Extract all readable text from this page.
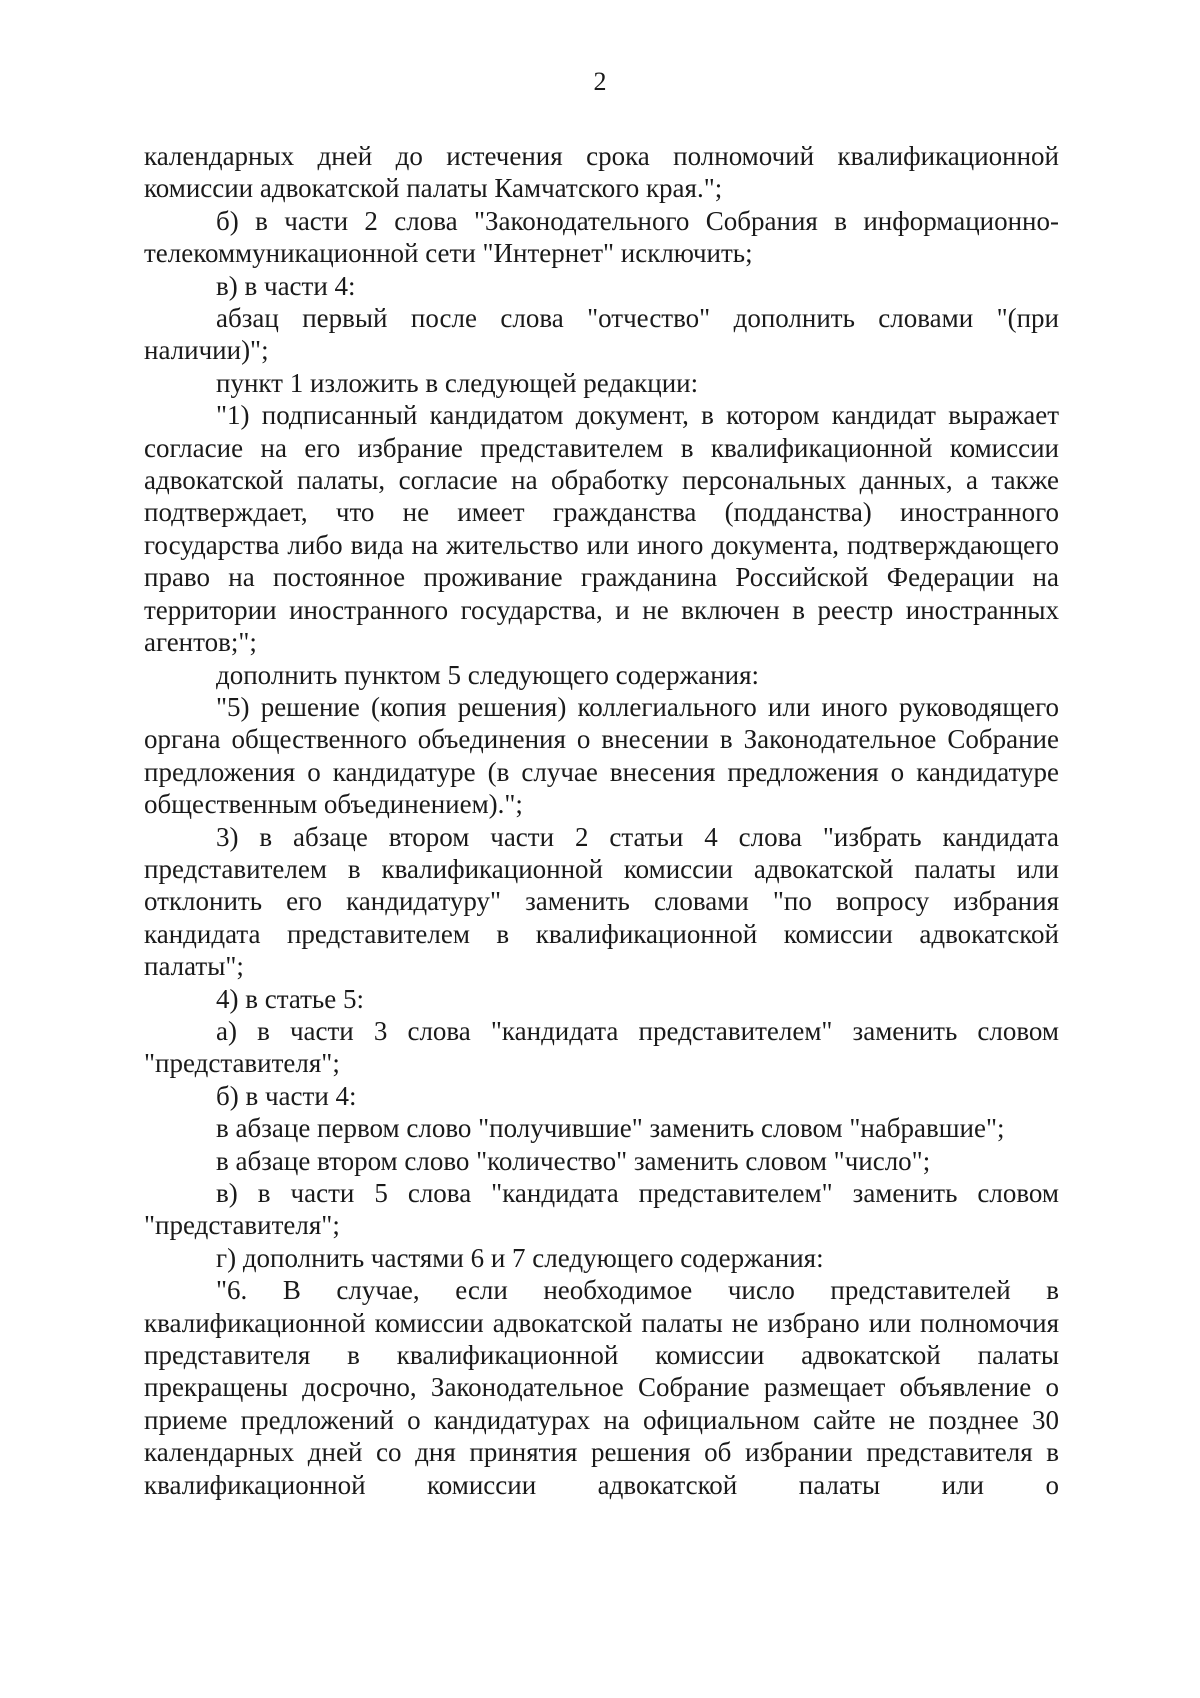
2

календарных дней до истечения срока полномочий квалификационной комиссии адвокатской палаты Камчатского края.";

б) в части 2 слова "Законодательного Собрания в информационно-телекоммуникационной сети "Интернет" исключить;

в) в части 4:

абзац первый после слова "отчество" дополнить словами "(при наличии)";

пункт 1 изложить в следующей редакции:

"1) подписанный кандидатом документ, в котором кандидат выражает согласие на его избрание представителем в квалификационной комиссии адвокатской палаты, согласие на обработку персональных данных, а также подтверждает, что не имеет гражданства (подданства) иностранного государства либо вида на жительство или иного документа, подтверждающего право на постоянное проживание гражданина Российской Федерации на территории иностранного государства, и не включен в реестр иностранных агентов;";

дополнить пунктом 5 следующего содержания:

"5) решение (копия решения) коллегиального или иного руководящего органа общественного объединения о внесении в Законодательное Собрание предложения о кандидатуре (в случае внесения предложения о кандидатуре общественным объединением).";

3) в абзаце втором части 2 статьи 4 слова "избрать кандидата представителем в квалификационной комиссии адвокатской палаты или отклонить его кандидатуру" заменить словами "по вопросу избрания кандидата представителем в квалификационной комиссии адвокатской палаты";

4) в статье 5:

а) в части 3 слова "кандидата представителем" заменить словом "представителя";

б) в части 4:

в абзаце первом слово "получившие" заменить словом "набравшие";

в абзаце втором слово "количество" заменить словом "число";

в) в части 5 слова "кандидата представителем" заменить словом "представителя";

г) дополнить частями 6 и 7 следующего содержания:

"6. В случае, если необходимое число представителей в квалификационной комиссии адвокатской палаты не избрано или полномочия представителя в квалификационной комиссии адвокатской палаты прекращены досрочно, Законодательное Собрание размещает объявление о приеме предложений о кандидатурах на официальном сайте не позднее 30 календарных дней со дня принятия решения об избрании представителя в квалификационной комиссии адвокатской палаты или о
